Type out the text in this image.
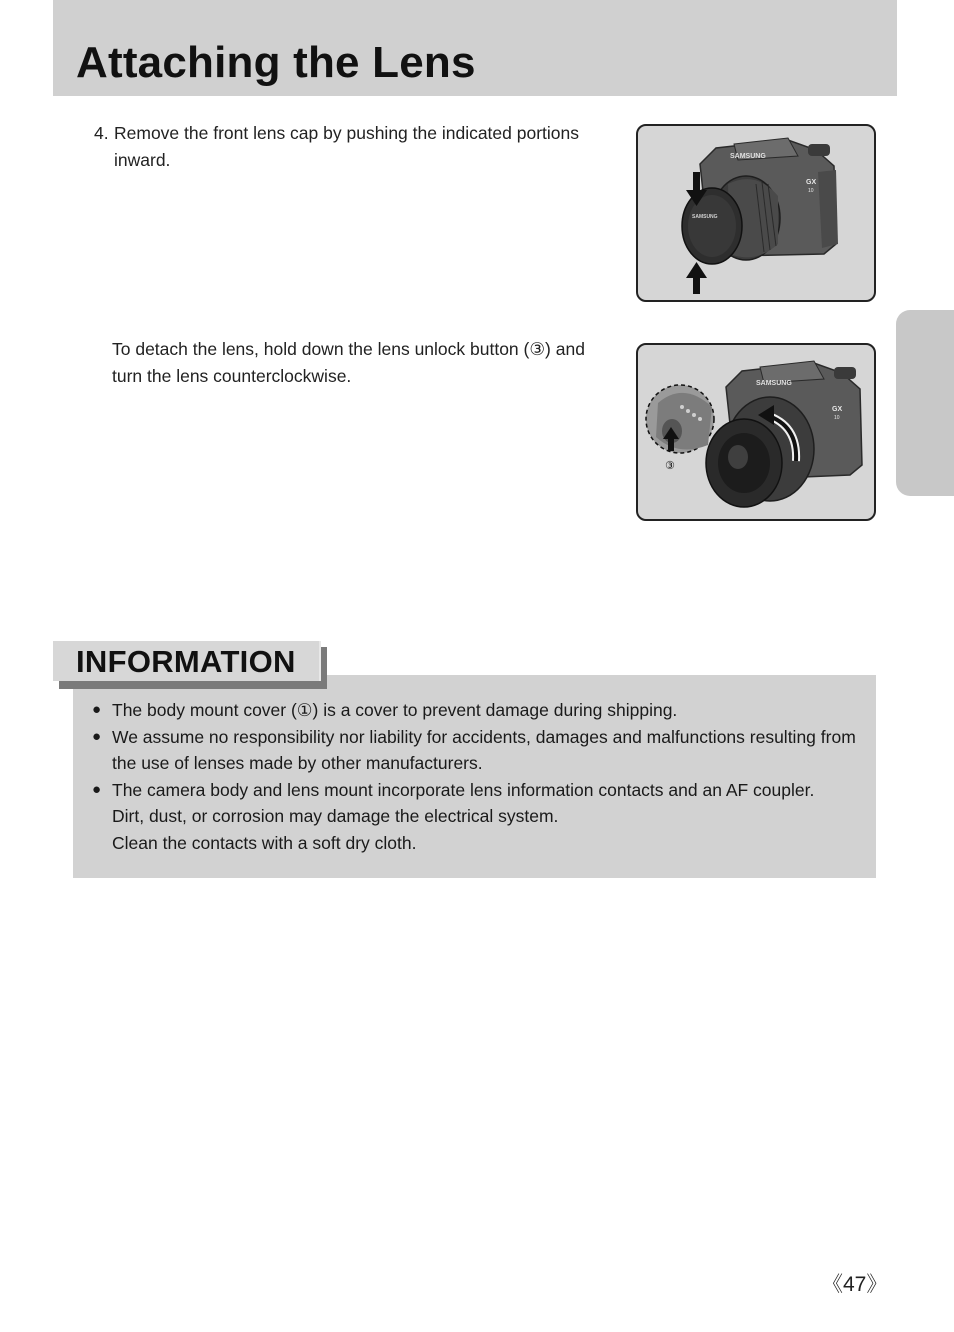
Attaching the Lens
4. Remove the front lens cap by pushing the indicated portions
inward.
To detach the lens, hold down the lens unlock button (③) and
turn the lens counterclockwise.
SAMSUNG
GX
10
SAMSUNG
SAMSUNG
GX
10
③
INFORMATION
● The body mount cover (①) is a cover to prevent damage during shipping.
● We assume no responsibility nor liability for accidents, damages and malfunctions resulting from
the use of lenses made by other manufacturers.
● The camera body and lens mount incorporate lens information contacts and an AF coupler.
Dirt, dust, or corrosion may damage the electrical system.
Clean the contacts with a soft dry cloth.
《47》
